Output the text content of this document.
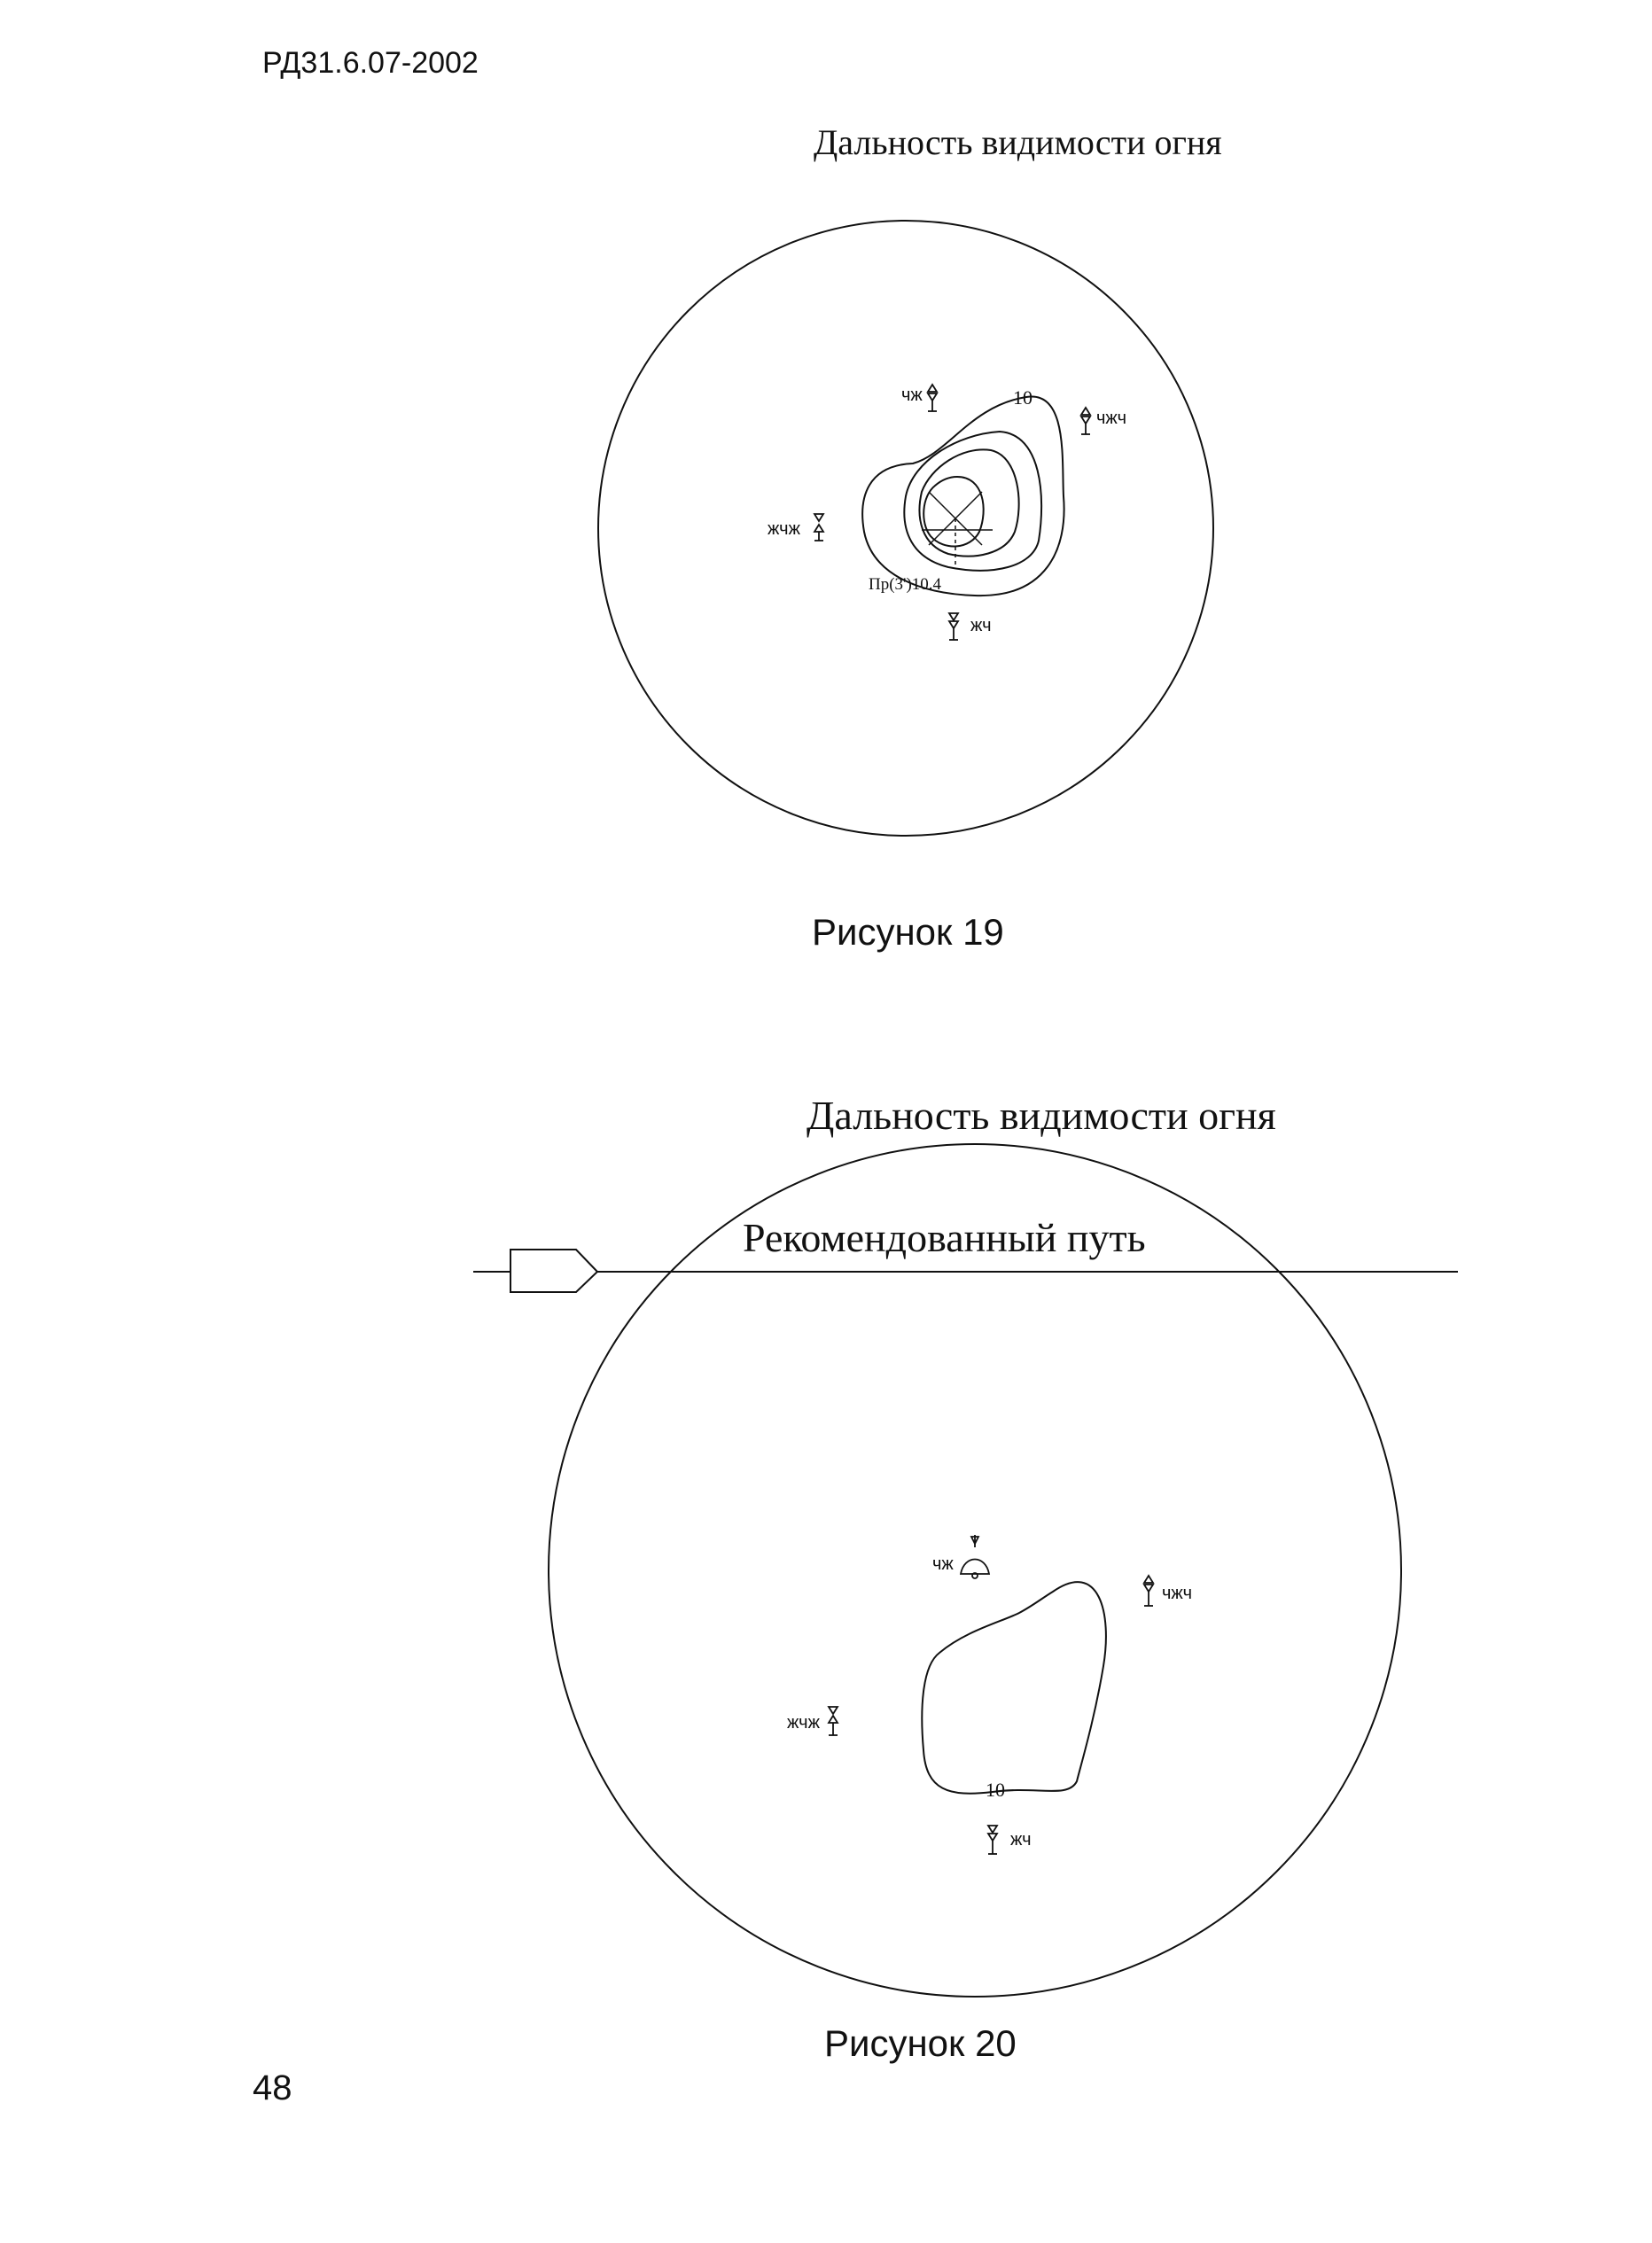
РД31.6.07-2002
Дальность видимости огня
10
Пр(3')10.4
чж
чжч
жчж
жч
Рисунок 19
Дальность видимости огня
10
чж
чжч
жчж
жч
Рекомендованный путь
Рисунок 20
48
